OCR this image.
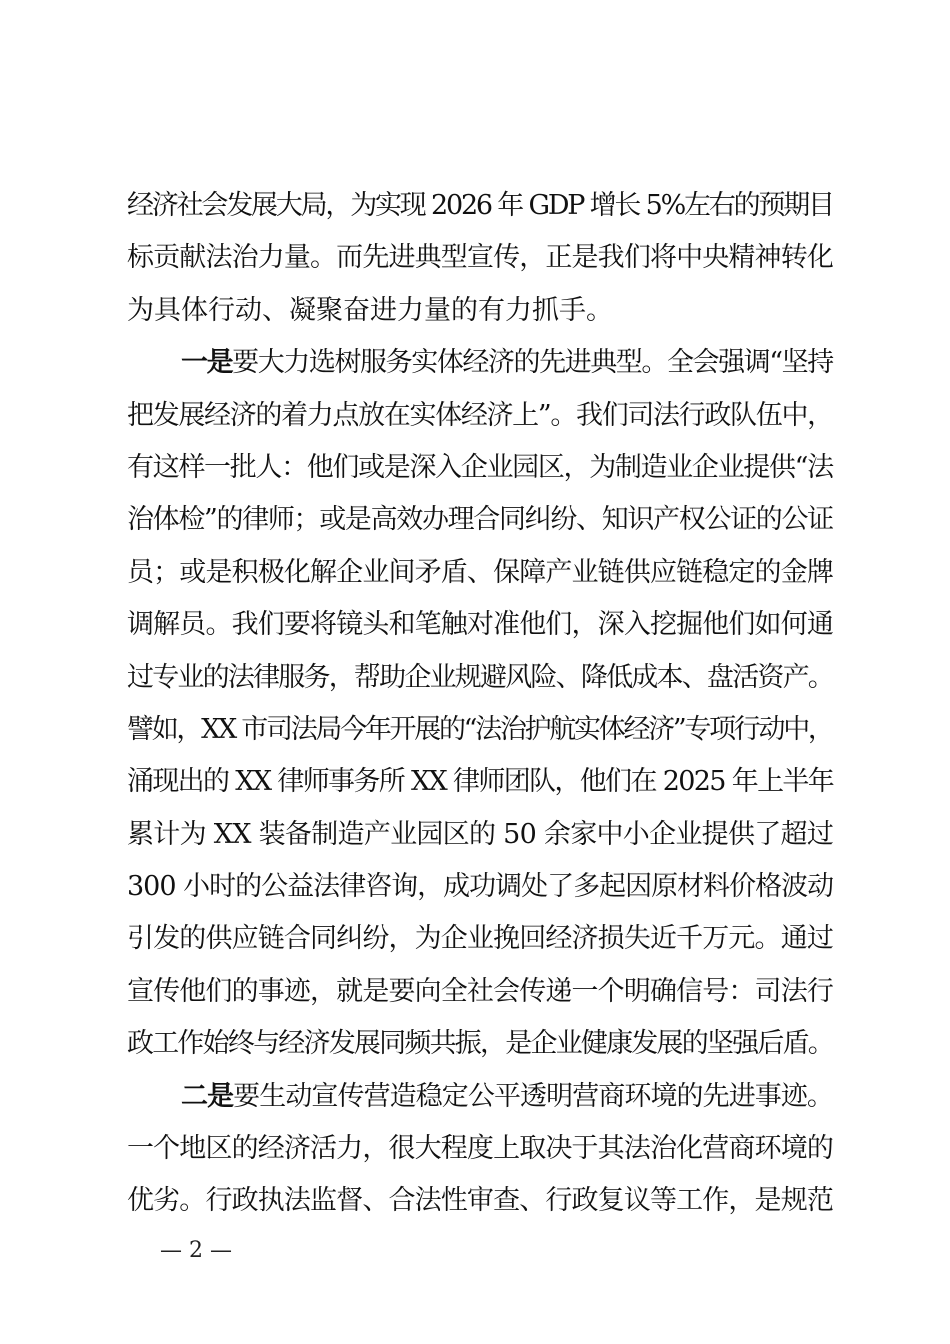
经济社会发展大局，为实现 2026 年 GDP 增长 5%左右的预期目
标贡献法治力量。而先进典型宣传，正是我们将中央精神转化
为具体行动、凝聚奋进力量的有力抓手。
一是要大力选树服务实体经济的先进典型。全会强调“坚持
把发展经济的着力点放在实体经济上”。我们司法行政队伍中，
有这样一批人：他们或是深入企业园区，为制造业企业提供“法
治体检”的律师；或是高效办理合同纠纷、知识产权公证的公证
员；或是积极化解企业间矛盾、保障产业链供应链稳定的金牌
调解员。我们要将镜头和笔触对准他们，深入挖掘他们如何通
过专业的法律服务，帮助企业规避风险、降低成本、盘活资产。
譬如，XX 市司法局今年开展的“法治护航实体经济”专项行动中，
涌现出的 XX 律师事务所 XX 律师团队，他们在 2025 年上半年
累计为 XX 装备制造产业园区的 50 余家中小企业提供了超过
300 小时的公益法律咨询，成功调处了多起因原材料价格波动
引发的供应链合同纠纷，为企业挽回经济损失近千万元。通过
宣传他们的事迹，就是要向全社会传递一个明确信号：司法行
政工作始终与经济发展同频共振，是企业健康发展的坚强后盾。
二是要生动宣传营造稳定公平透明营商环境的先进事迹。
一个地区的经济活力，很大程度上取决于其法治化营商环境的
优劣。行政执法监督、合法性审查、行政复议等工作，是规范
— 2 —
